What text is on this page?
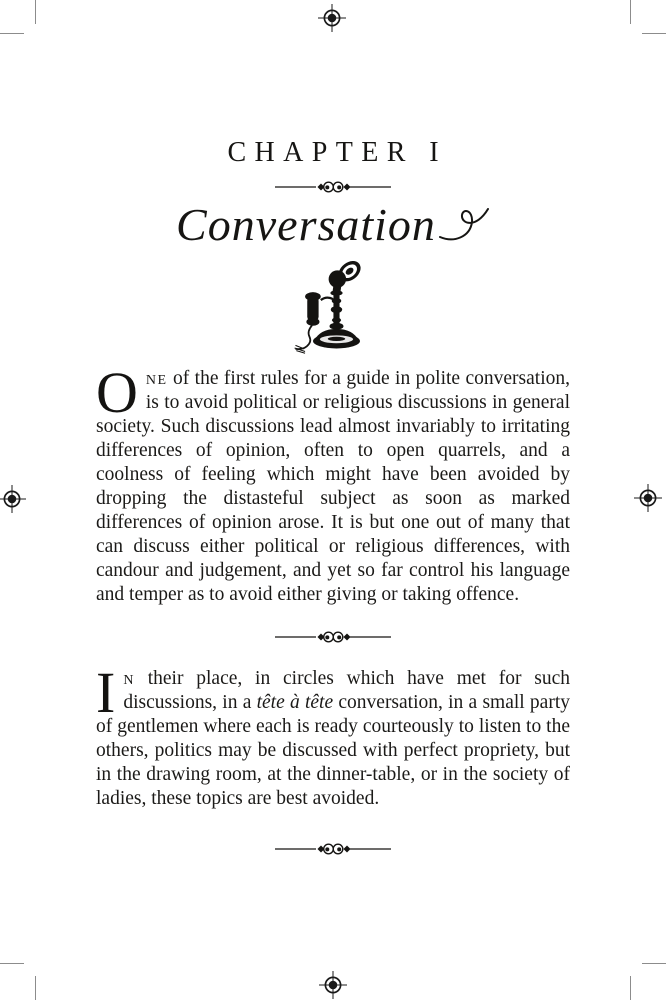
CHAPTER I
Conversation

One of the first rules for a guide in polite conversation, is to avoid political or religious discussions in general society. Such discussions lead almost invariably to irritating differences of opinion, often to open quarrels, and a coolness of feeling which might have been avoided by dropping the distasteful subject as soon as marked differences of opinion arose. It is but one out of many that can discuss either political or religious differences, with candour and judgement, and yet so far control his language and temper as to avoid either giving or taking offence.

In their place, in circles which have met for such discussions, in a tête à tête conversation, in a small party of gentlemen where each is ready courteously to listen to the others, politics may be discussed with perfect propriety, but in the drawing room, at the dinner-table, or in the society of ladies, these topics are best avoided.
